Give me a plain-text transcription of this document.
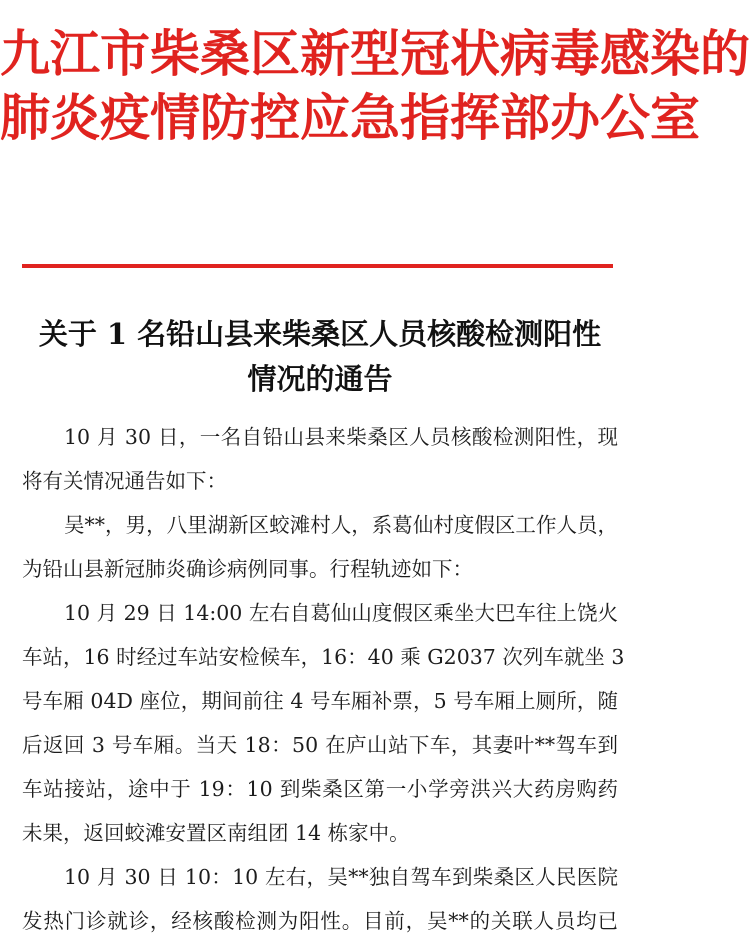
九江市柴桑区新型冠状病毒感染的
肺炎疫情防控应急指挥部办公室
关于 1 名铅山县来柴桑区人员核酸检测阳性
情况的通告
10 月 30 日，一名自铅山县来柴桑区人员核酸检测阳性，现
将有关情况通告如下：
吴**，男，八里湖新区蛟滩村人，系葛仙村度假区工作人员，
为铅山县新冠肺炎确诊病例同事。行程轨迹如下：
10 月 29 日 14:00 左右自葛仙山度假区乘坐大巴车往上饶火
车站，16 时经过车站安检候车，16：40 乘 G2037 次列车就坐 3
号车厢 04D 座位，期间前往 4 号车厢补票，5 号车厢上厕所，随
后返回 3 号车厢。当天 18：50 在庐山站下车，其妻叶**驾车到
车站接站，途中于 19：10 到柴桑区第一小学旁洪兴大药房购药
未果，返回蛟滩安置区南组团 14 栋家中。
10 月 30 日 10：10 左右，吴**独自驾车到柴桑区人民医院
发热门诊就诊，经核酸检测为阳性。目前，吴**的关联人员均已
